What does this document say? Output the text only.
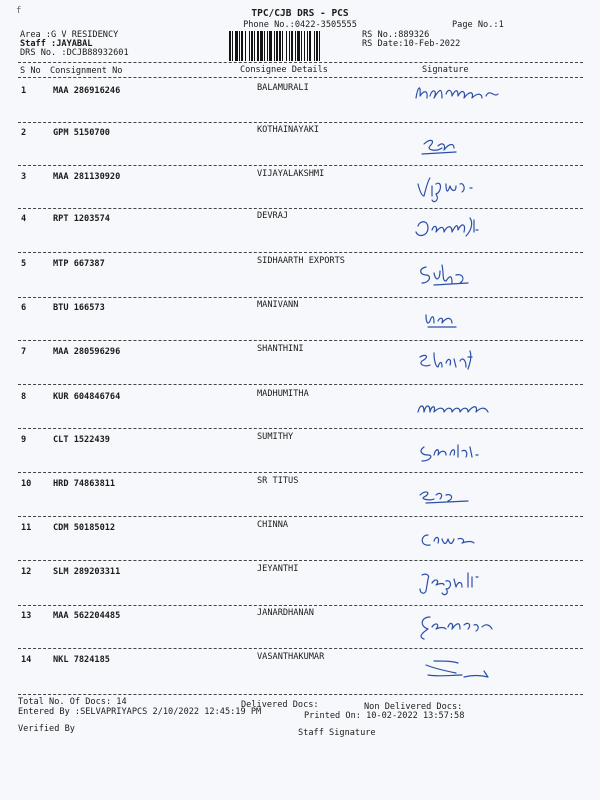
f	TPC/CJB DRS - PCS
Phone No.:0422-3505555	Page No.:1
Area :G V RESIDENCY
Staff :JAYABAL
DRS No. :DCJB88932601
RS No.:889326
RS Date:10-Feb-2022
S No Consignment No	Consignee Details	Signature
1	MAA 286916246	BALAMURALI
2	GPM 5150700	KOTHAINAYAKI
3	MAA 281130920	VIJAYALAKSHMI
4	RPT 1203574	DEVRAJ
5	MTP 667387	SIDHAARTH EXPORTS
6	BTU 166573	MANIVANN
7	MAA 280596296	SHANTHINI
8	KUR 604846764	MADHUMITHA
9	CLT 1522439	SUMITHY
10	HRD 74863811	SR TITUS
11	CDM 50185012	CHINNA
12	SLM 289203311	JEYANTHI
13	MAA 562204485	JANARDHANAN
14	NKL 7824185	VASANTHAKUMAR
Total No. Of Docs: 14	Delivered Docs:	Non Delivered Docs:
Entered By :SELVAPRIYAPCS 2/10/2022 12:45:19 PM	Printed On: 10-02-2022 13:57:58
Verified By	Staff Signature
